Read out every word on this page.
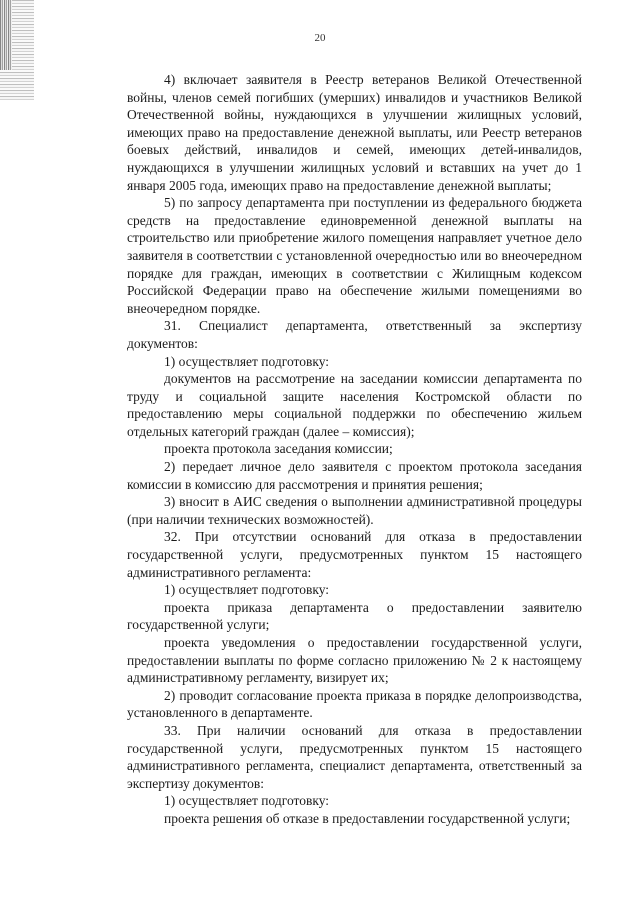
20

4) включает заявителя в Реестр ветеранов Великой Отечественной войны, членов семей погибших (умерших) инвалидов и участников Великой Отечественной войны, нуждающихся в улучшении жилищных условий, имеющих право на предоставление денежной выплаты, или Реестр ветеранов боевых действий, инвалидов и семей, имеющих детей-инвалидов, нуждающихся в улучшении жилищных условий и вставших на учет до 1 января 2005 года, имеющих право на предоставление денежной выплаты;

5) по запросу департамента при поступлении из федерального бюджета средств на предоставление единовременной денежной выплаты на строительство или приобретение жилого помещения направляет учетное дело заявителя в соответствии с установленной очередностью или во внеочередном порядке для граждан, имеющих в соответствии с Жилищным кодексом Российской Федерации право на обеспечение жилыми помещениями во внеочередном порядке.

31. Специалист департамента, ответственный за экспертизу документов:

1) осуществляет подготовку:

документов на рассмотрение на заседании комиссии департамента по труду и социальной защите населения Костромской области по предоставлению меры социальной поддержки по обеспечению жильем отдельных категорий граждан (далее – комиссия);

проекта протокола заседания комиссии;

2) передает личное дело заявителя с проектом протокола заседания комиссии в комиссию для рассмотрения и принятия решения;

3) вносит в АИС сведения о выполнении административной процедуры (при наличии технических возможностей).

32. При отсутствии оснований для отказа в предоставлении государственной услуги, предусмотренных пунктом 15 настоящего административного регламента:

1) осуществляет подготовку:

проекта приказа департамента о предоставлении заявителю государственной услуги;

проекта уведомления о предоставлении государственной услуги, предоставлении выплаты по форме согласно приложению № 2 к настоящему административному регламенту, визирует их;

2) проводит согласование проекта приказа в порядке делопроизводства, установленного в департаменте.

33. При наличии оснований для отказа в предоставлении государственной услуги, предусмотренных пунктом 15 настоящего административного регламента, специалист департамента, ответственный за экспертизу документов:

1) осуществляет подготовку:

проекта решения об отказе в предоставлении государственной услуги;
